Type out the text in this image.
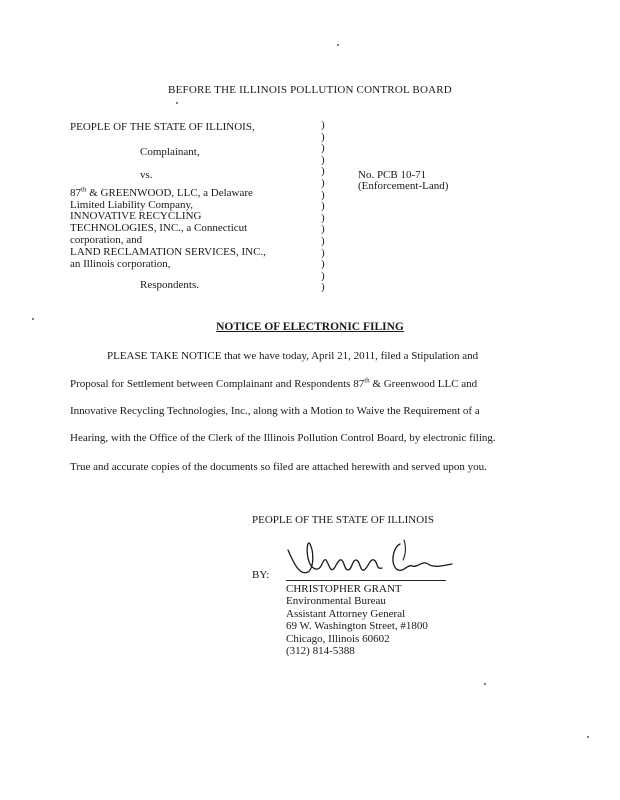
BEFORE THE ILLINOIS POLLUTION CONTROL BOARD
PEOPLE OF THE STATE OF ILLINOIS,
Complainant,
vs.
87th & GREENWOOD, LLC, a Delaware
Limited Liability Company,
INNOVATIVE RECYCLING
TECHNOLOGIES, INC., a Connecticut
corporation, and
LAND RECLAMATION SERVICES, INC.,
an Illinois corporation,
Respondents.
)
)
)
)
)
)
)
)
)
)
)
)
)
)
)
No. PCB 10-71
(Enforcement-Land)
NOTICE OF ELECTRONIC FILING
PLEASE TAKE NOTICE that we have today, April 21, 2011, filed a Stipulation and
Proposal for Settlement between Complainant and Respondents 87th & Greenwood LLC and
Innovative Recycling Technologies, Inc., along with a Motion to Waive the Requirement of a
Hearing, with the Office of the Clerk of the Illinois Pollution Control Board, by electronic filing.
True and accurate copies of the documents so filed are attached herewith and served upon you.
PEOPLE OF THE STATE OF ILLINOIS
BY:
CHRISTOPHER GRANT
Environmental Bureau
Assistant Attorney General
69 W. Washington Street, #1800
Chicago, Illinois 60602
(312) 814-5388
